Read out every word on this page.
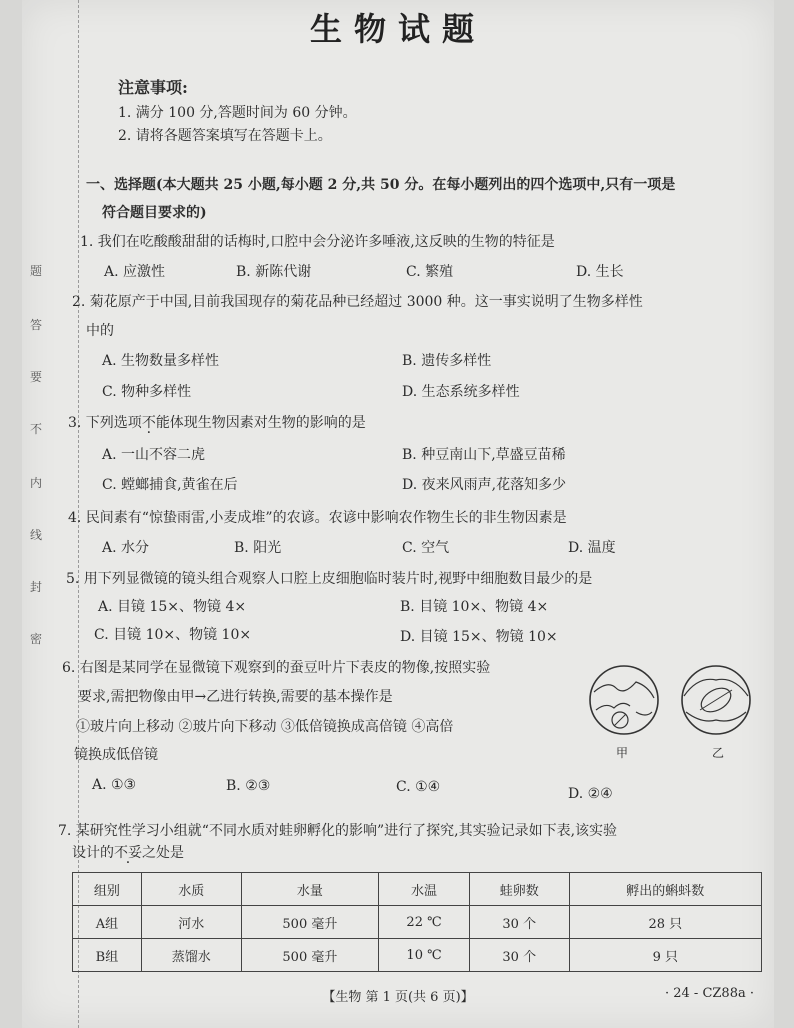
题
答
要
不
内
线
封
密
生物试题
注意事项:
1. 满分 100 分,答题时间为 60 分钟。
2. 请将各题答案填写在答题卡上。
一、选择题(本大题共 25 小题,每小题 2 分,共 50 分。在每小题列出的四个选项中,只有一项是
符合题目要求的)
1. 我们在吃酸酸甜甜的话梅时,口腔中会分泌许多唾液,这反映的生物的特征是
A. 应激性	B. 新陈代谢	C. 繁殖	D. 生长
2. 菊花原产于中国,目前我国现存的菊花品种已经超过 3000 种。这一事实说明了生物多样性
中的
A. 生物数量多样性	B. 遗传多样性
C. 物种多样性	D. 生态系统多样性
3. 下列选项不能体现生物因素对生物的影响的是
A. 一山不容二虎	B. 种豆南山下,草盛豆苗稀
C. 螳螂捕食,黄雀在后	D. 夜来风雨声,花落知多少
4. 民间素有“惊蛰雨雷,小麦成堆”的农谚。农谚中影响农作物生长的非生物因素是
A. 水分	B. 阳光	C. 空气	D. 温度
5. 用下列显微镜的镜头组合观察人口腔上皮细胞临时装片时,视野中细胞数目最少的是
A. 目镜 15×、物镜 4×	B. 目镜 10×、物镜 4×
C. 目镜 10×、物镜 10×	D. 目镜 15×、物镜 10×
6. 右图是某同学在显微镜下观察到的蚕豆叶片下表皮的物像,按照实验
要求,需把物像由甲→乙进行转换,需要的基本操作是
①玻片向上移动 ②玻片向下移动 ③低倍镜换成高倍镜 ④高倍
镜换成低倍镜
A. ①③	B. ②③	C. ①④	D. ②④
甲	乙
7. 某研究性学习小组就“不同水质对蛙卵孵化的影响”进行了探究,其实验记录如下表,该实验
设计的不妥之处是
组别	水质	水量	水温	蛙卵数	孵出的蝌蚪数
A组	河水	500 毫升	22 ℃	30 个	28 只
B组	蒸馏水	500 毫升	10 ℃	30 个	9 只
【生物 第 1 页(共 6 页)】	· 24 - CZ88a ·
